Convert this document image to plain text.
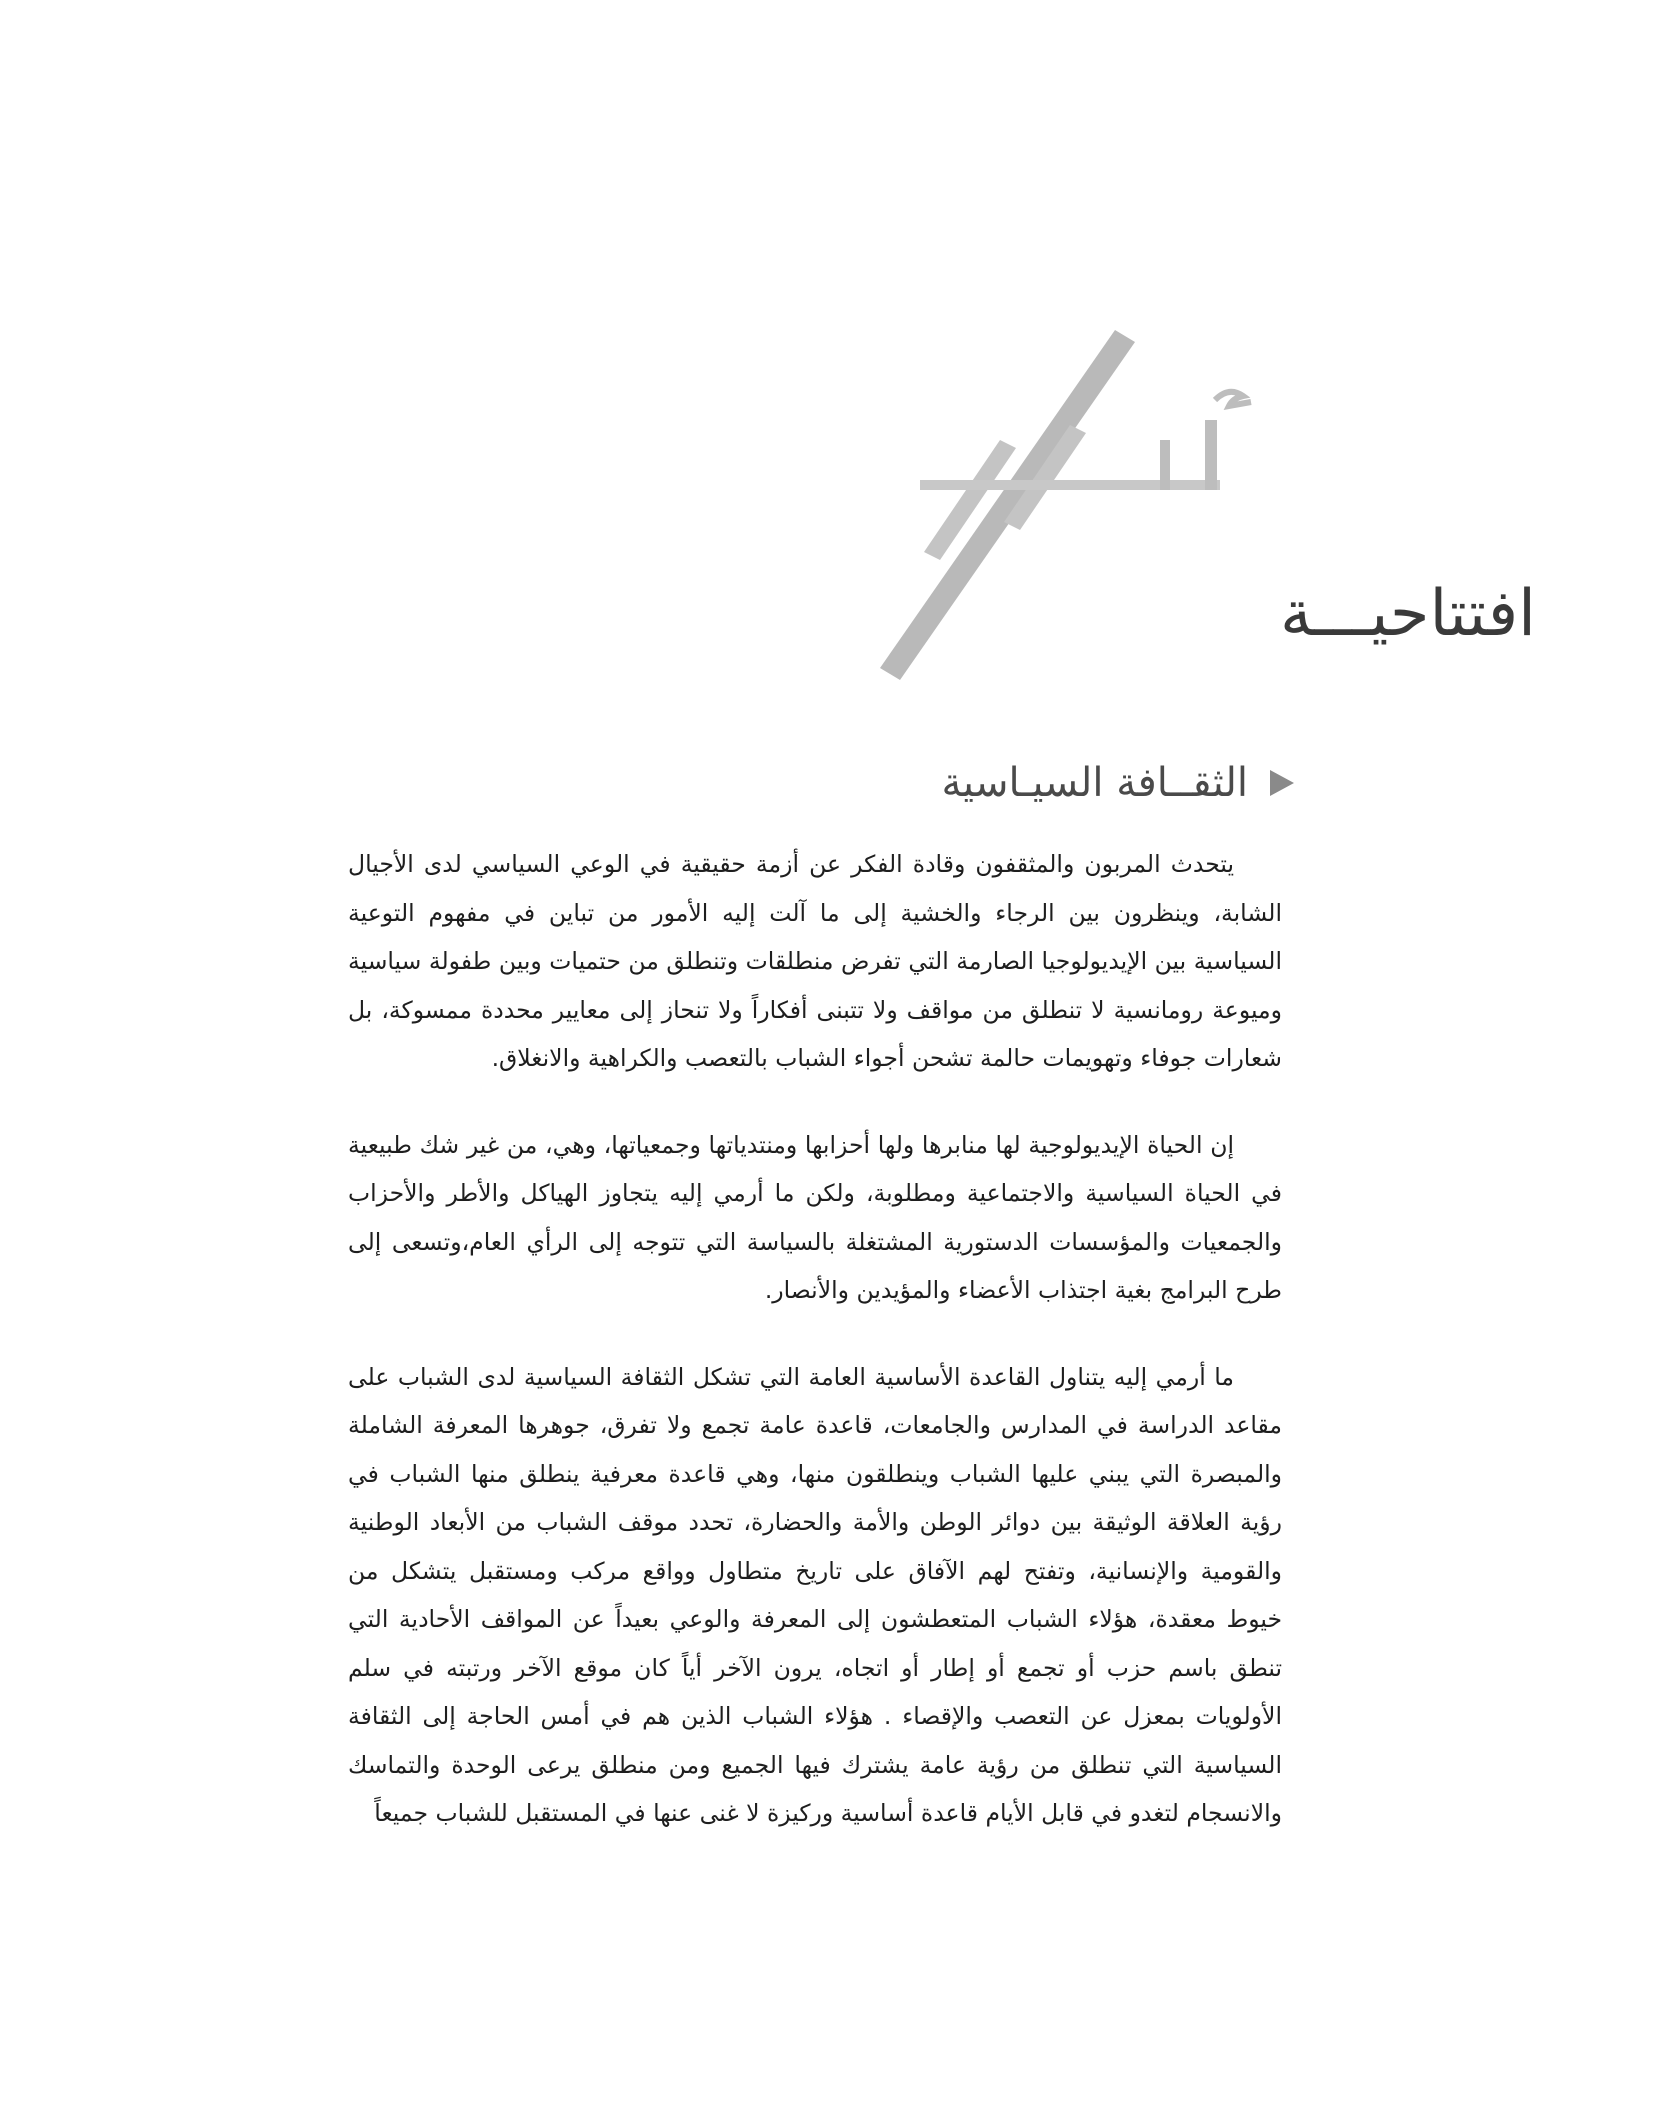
أفكار
افتتاحيـــة
الثقــافة السيـاسية

يتحدث المربون والمثقفون وقادة الفكر عن أزمة حقيقية في الوعي السياسي لدى الأجيال الشابة، وينظرون بين الرجاء والخشية إلى ما آلت إليه الأمور من تباين في مفهوم التوعية السياسية بين الإيديولوجيا الصارمة التي تفرض منطلقات وتنطلق من حتميات وبين طفولة سياسية وميوعة رومانسية لا تنطلق من مواقف ولا تتبنى أفكاراً ولا تنحاز إلى معايير محددة ممسوكة، بل شعارات جوفاء وتهويمات حالمة تشحن أجواء الشباب بالتعصب والكراهية والانغلاق.

إن الحياة الإيديولوجية لها منابرها ولها أحزابها ومنتدياتها وجمعياتها، وهي، من غير شك طبيعية في الحياة السياسية والاجتماعية ومطلوبة، ولكن ما أرمي إليه يتجاوز الهياكل والأطر والأحزاب والجمعيات والمؤسسات الدستورية المشتغلة بالسياسة التي تتوجه إلى الرأي العام،وتسعى إلى طرح البرامج بغية اجتذاب الأعضاء والمؤيدين والأنصار.

ما أرمي إليه يتناول القاعدة الأساسية العامة التي تشكل الثقافة السياسية لدى الشباب على مقاعد الدراسة في المدارس والجامعات، قاعدة عامة تجمع ولا تفرق، جوهرها المعرفة الشاملة والمبصرة التي يبني عليها الشباب وينطلقون منها، وهي قاعدة معرفية ينطلق منها الشباب في رؤية العلاقة الوثيقة بين دوائر الوطن والأمة والحضارة، تحدد موقف الشباب من الأبعاد الوطنية والقومية والإنسانية، وتفتح لهم الآفاق على تاريخ متطاول وواقع مركب ومستقبل يتشكل من خيوط معقدة، هؤلاء الشباب المتعطشون إلى المعرفة والوعي بعيداً عن المواقف الأحادية التي تنطق باسم حزب أو تجمع أو إطار أو اتجاه، يرون الآخر أياً كان موقع الآخر ورتبته في سلم الأولويات بمعزل عن التعصب والإقصاء . هؤلاء الشباب الذين هم في أمس الحاجة إلى الثقافة السياسية التي تنطلق من رؤية عامة يشترك فيها الجميع ومن منطلق يرعى الوحدة والتماسك والانسجام لتغدو في قابل الأيام قاعدة أساسية وركيزة لا غنى عنها في المستقبل للشباب جميعاً
